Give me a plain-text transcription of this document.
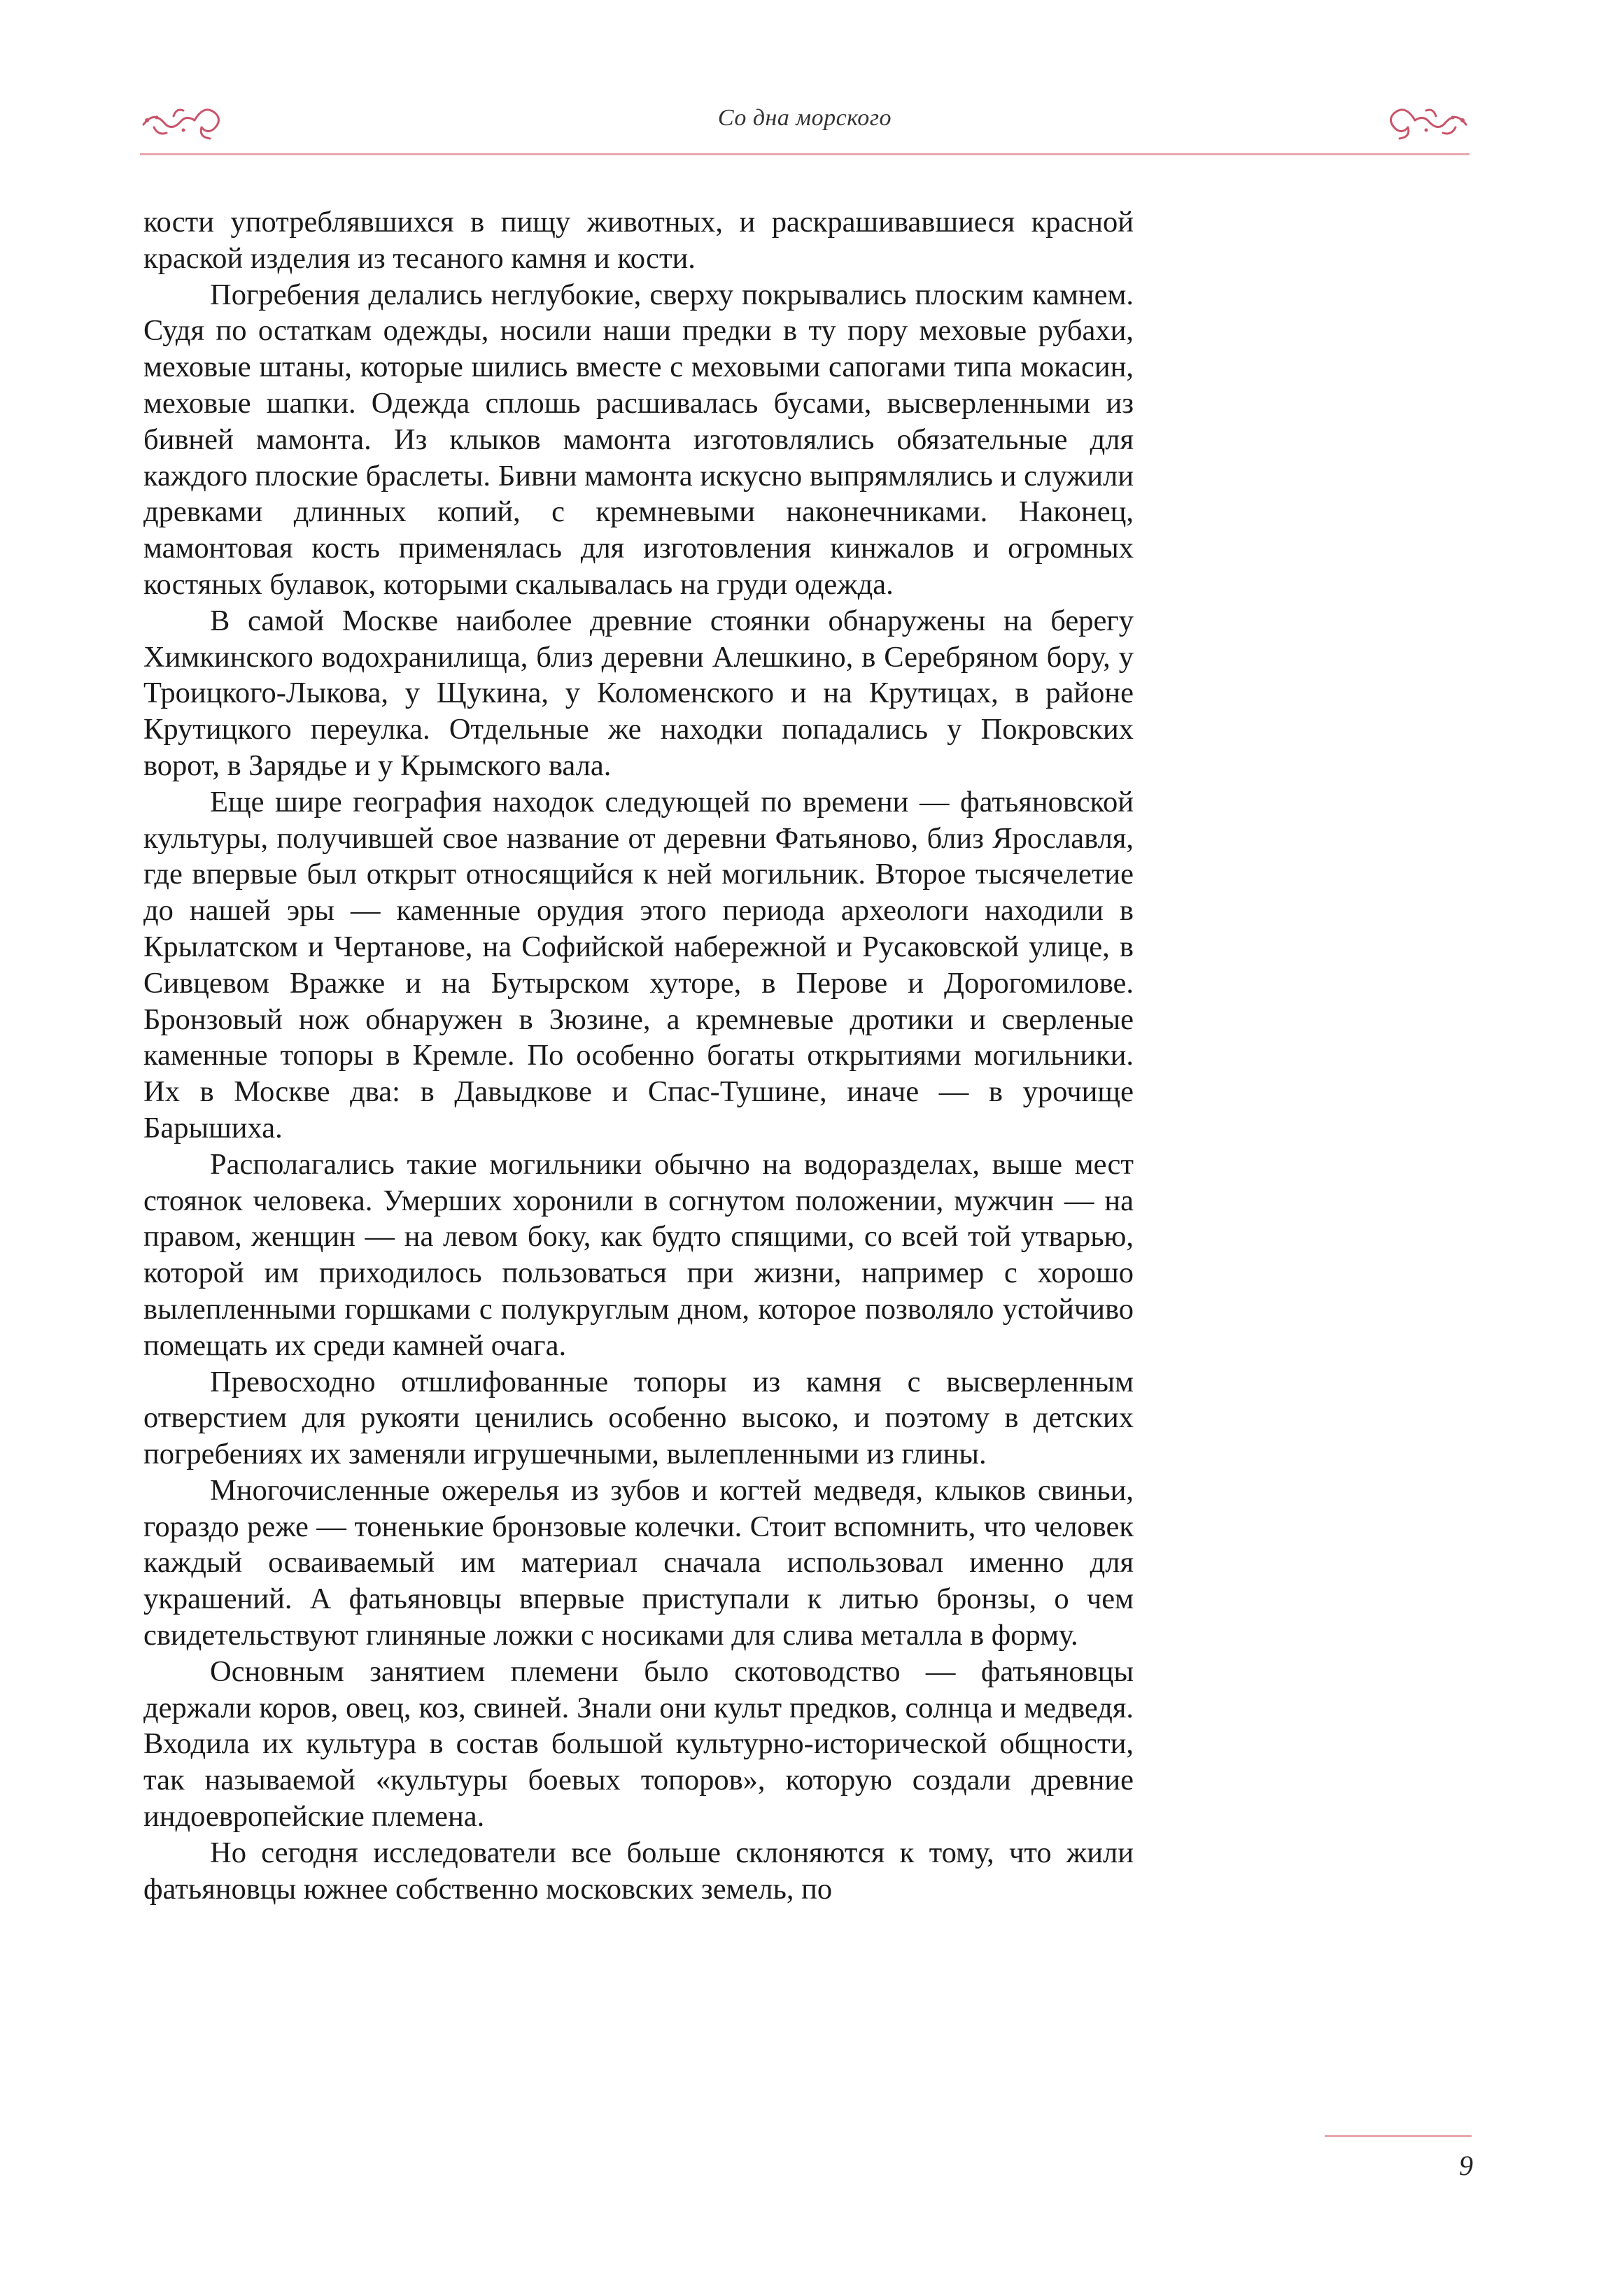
Со дна морского

кости употреблявшихся в пищу животных, и раскрашивавшиеся красной краской изделия из тесаного камня и кости.

Погребения делались неглубокие, сверху покрывались плоским камнем. Судя по остаткам одежды, носили наши предки в ту пору меховые рубахи, меховые штаны, которые шились вместе с меховыми сапогами типа мокасин, меховые шапки. Одежда сплошь расшивалась бусами, высверленными из бивней мамонта. Из клыков мамонта изготовлялись обязательные для каждого плоские браслеты. Бивни мамонта искусно выпрямлялись и служили древками длинных копий, с кремневыми наконечниками. Наконец, мамонтовая кость применялась для изготовления кинжалов и огромных костяных булавок, которыми скалывалась на груди одежда.

В самой Москве наиболее древние стоянки обнаружены на берегу Химкинского водохранилища, близ деревни Алешкино, в Серебряном бору, у Троицкого-Лыкова, у Щукина, у Коломенского и на Крутицах, в районе Крутицкого переулка. Отдельные же находки попадались у Покровских ворот, в Зарядье и у Крымского вала.

Еще шире география находок следующей по времени — фатьяновской культуры, получившей свое название от деревни Фатьяново, близ Ярославля, где впервые был открыт относящийся к ней могильник. Второе тысячелетие до нашей эры — каменные орудия этого периода археологи находили в Крылатском и Чертанове, на Софийской набережной и Русаковской улице, в Сивцевом Вражке и на Бутырском хуторе, в Перове и Дорогомилове. Бронзовый нож обнаружен в Зюзине, а кремневые дротики и сверленые каменные топоры в Кремле. По особенно богаты открытиями могильники. Их в Москве два: в Давыдкове и Спас-Тушине, иначе — в урочище Барышиха.

Располагались такие могильники обычно на водоразделах, выше мест стоянок человека. Умерших хоронили в согнутом положении, мужчин — на правом, женщин — на левом боку, как будто спящими, со всей той утварью, которой им приходилось пользоваться при жизни, например с хорошо вылепленными горшками с полукруглым дном, которое позволяло устойчиво помещать их среди камней очага.

Превосходно отшлифованные топоры из камня с высверленным отверстием для рукояти ценились особенно высоко, и поэтому в детских погребениях их заменяли игрушечными, вылепленными из глины.

Многочисленные ожерелья из зубов и когтей медведя, клыков свиньи, гораздо реже — тоненькие бронзовые колечки. Стоит вспомнить, что человек каждый осваиваемый им материал сначала использовал именно для украшений. А фатьяновцы впервые приступали к литью бронзы, о чем свидетельствуют глиняные ложки с носиками для слива металла в форму.

Основным занятием племени было скотоводство — фатьяновцы держали коров, овец, коз, свиней. Знали они культ предков, солнца и медведя. Входила их культура в состав большой культурно-исторической общности, так называемой «культуры боевых топоров», которую создали древние индоевропейские племена.

Но сегодня исследователи все больше склоняются к тому, что жили фатьяновцы южнее собственно московских земель, по

9
